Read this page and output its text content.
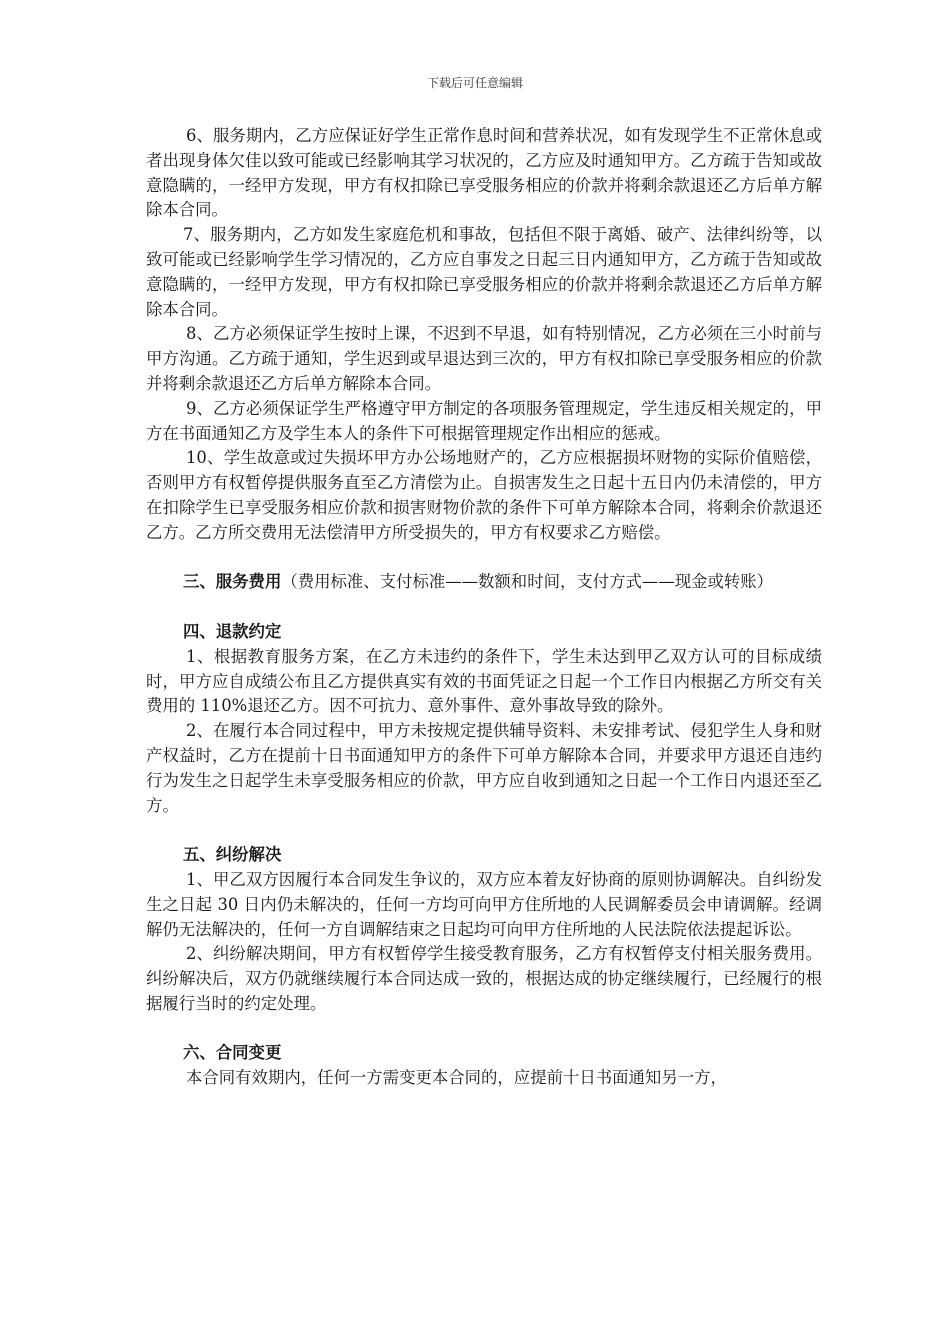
下载后可任意编辑

6、服务期内，乙方应保证好学生正常作息时间和营养状况，如有发现学生不正常休息或者出现身体欠佳以致可能或已经影响其学习状况的，乙方应及时通知甲方。乙方疏于告知或故意隐瞒的，一经甲方发现，甲方有权扣除已享受服务相应的价款并将剩余款退还乙方后单方解除本合同。

7、服务期内，乙方如发生家庭危机和事故，包括但不限于离婚、破产、法律纠纷等，以致可能或已经影响学生学习情况的，乙方应自事发之日起三日内通知甲方，乙方疏于告知或故意隐瞒的，一经甲方发现，甲方有权扣除已享受服务相应的价款并将剩余款退还乙方后单方解除本合同。

8、乙方必须保证学生按时上课，不迟到不早退，如有特别情况，乙方必须在三小时前与甲方沟通。乙方疏于通知，学生迟到或早退达到三次的，甲方有权扣除已享受服务相应的价款并将剩余款退还乙方后单方解除本合同。

9、乙方必须保证学生严格遵守甲方制定的各项服务管理规定，学生违反相关规定的，甲方在书面通知乙方及学生本人的条件下可根据管理规定作出相应的惩戒。

10、学生故意或过失损坏甲方办公场地财产的，乙方应根据损坏财物的实际价值赔偿，否则甲方有权暂停提供服务直至乙方清偿为止。自损害发生之日起十五日内仍未清偿的，甲方在扣除学生已享受服务相应价款和损害财物价款的条件下可单方解除本合同，将剩余价款退还乙方。乙方所交费用无法偿清甲方所受损失的，甲方有权要求乙方赔偿。

三、服务费用（费用标准、支付标准——数额和时间，支付方式——现金或转账）

四、退款约定

1、根据教育服务方案，在乙方未违约的条件下，学生未达到甲乙双方认可的目标成绩时，甲方应自成绩公布且乙方提供真实有效的书面凭证之日起一个工作日内根据乙方所交有关费用的 110%退还乙方。因不可抗力、意外事件、意外事故导致的除外。

2、在履行本合同过程中，甲方未按规定提供辅导资料、未安排考试、侵犯学生人身和财产权益时，乙方在提前十日书面通知甲方的条件下可单方解除本合同，并要求甲方退还自违约行为发生之日起学生未享受服务相应的价款，甲方应自收到通知之日起一个工作日内退还至乙方。

五、纠纷解决

1、甲乙双方因履行本合同发生争议的，双方应本着友好协商的原则协调解决。自纠纷发生之日起 30 日内仍未解决的，任何一方均可向甲方住所地的人民调解委员会申请调解。经调解仍无法解决的，任何一方自调解结束之日起均可向甲方住所地的人民法院依法提起诉讼。

2、纠纷解决期间，甲方有权暂停学生接受教育服务，乙方有权暂停支付相关服务费用。纠纷解决后，双方仍就继续履行本合同达成一致的，根据达成的协定继续履行，已经履行的根据履行当时的约定处理。

六、合同变更

本合同有效期内，任何一方需变更本合同的，应提前十日书面通知另一方，
